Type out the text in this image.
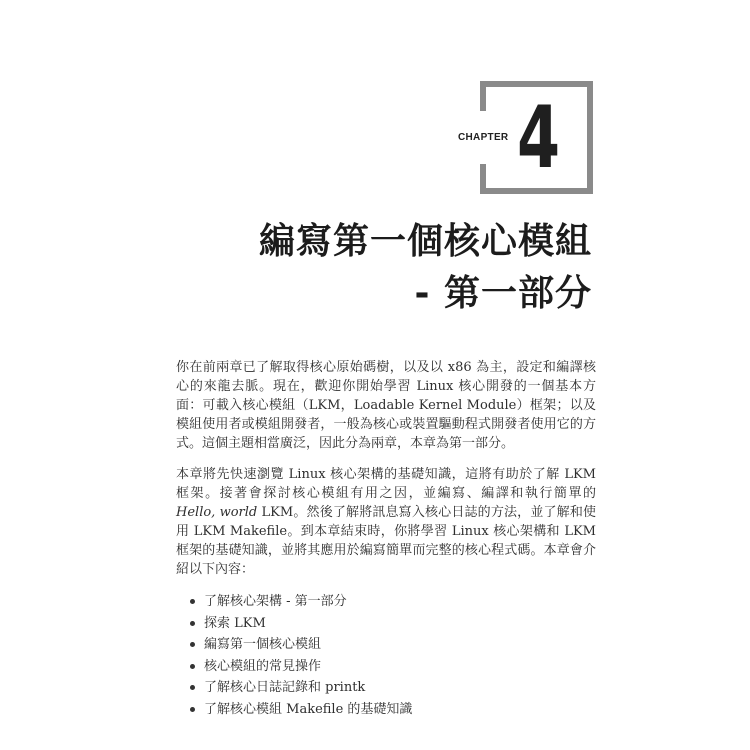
CHAPTER 4
編寫第一個核心模組
- 第一部分

你在前兩章已了解取得核心原始碼樹，以及以 x86 為主，設定和編譯核心的來龍去脈。現在，歡迎你開始學習 Linux 核心開發的一個基本方面：可載入核心模組（LKM，Loadable Kernel Module）框架；以及模組使用者或模組開發者，一般為核心或裝置驅動程式開發者使用它的方式。這個主題相當廣泛，因此分為兩章，本章為第一部分。

本章將先快速瀏覽 Linux 核心架構的基礎知識，這將有助於了解 LKM 框架。接著會探討核心模組有用之因，並編寫、編譯和執行簡單的 Hello, world LKM。然後了解將訊息寫入核心日誌的方法，並了解和使用 LKM Makefile。到本章結束時，你將學習 Linux 核心架構和 LKM 框架的基礎知識，並將其應用於編寫簡單而完整的核心程式碼。本章會介紹以下內容：

了解核心架構 - 第一部分
探索 LKM
編寫第一個核心模組
核心模組的常見操作
了解核心日誌記錄和 printk
了解核心模組 Makefile 的基礎知識
